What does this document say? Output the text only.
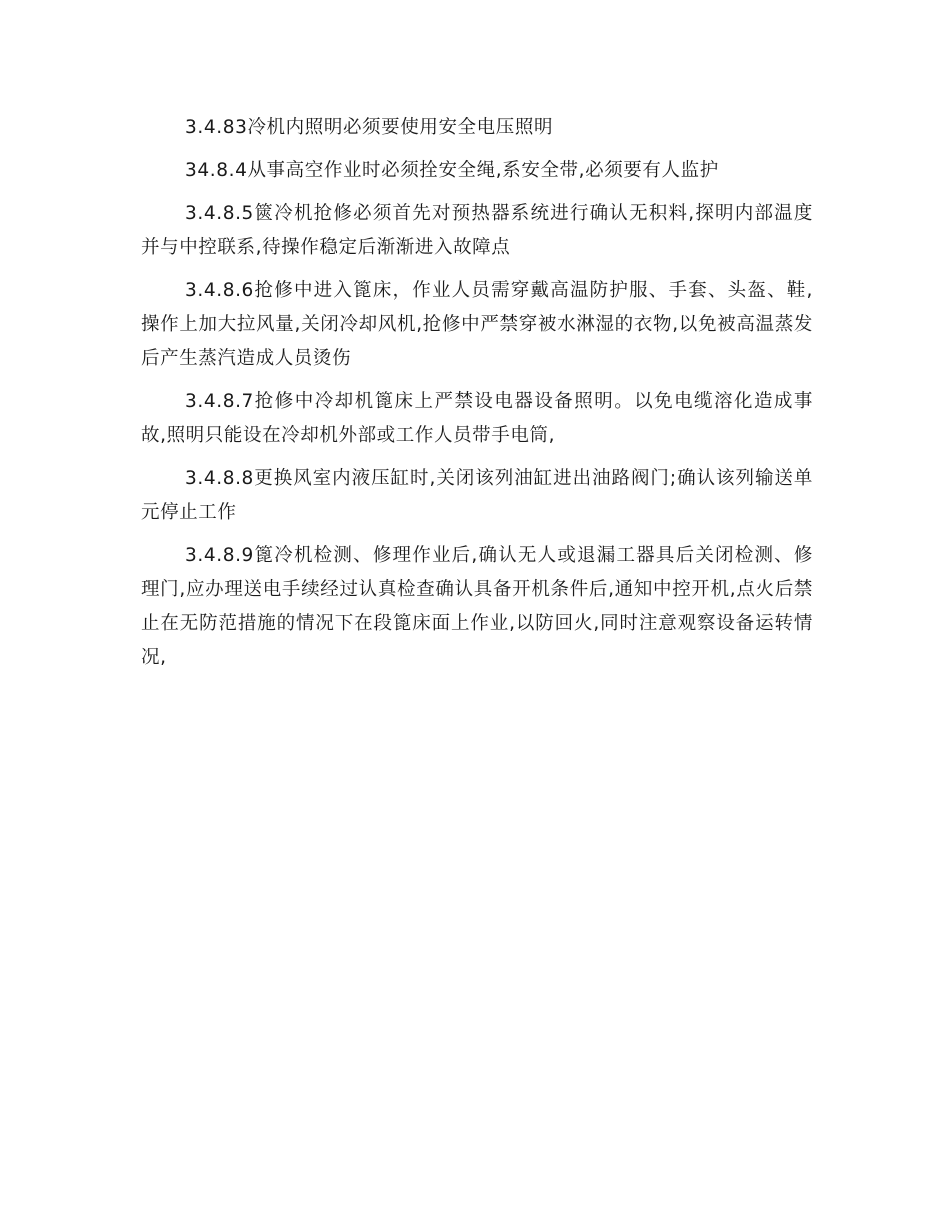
3.4.83冷机内照明必须要使用安全电压照明

34.8.4从事高空作业时必须拴安全绳,系安全带,必须要有人监护

3.4.8.5篋冷机抢修必须首先对预热器系统进行确认无积料,探明内部温度并与中控联系,待操作稳定后渐渐进入故障点

3.4.8.6抢修中进入篦床，作业人员需穿戴高温防护服、手套、头盔、鞋,操作上加大拉风量,关闭冷却风机,抢修中严禁穿被水淋湿的衣物,以免被高温蒸发后产生蒸汽造成人员烫伤

3.4.8.7抢修中冷却机篦床上严禁设电器设备照明。以免电缆溶化造成事故,照明只能设在冷却机外部或工作人员带手电筒,

3.4.8.8更换风室内液压缸时,关闭该列油缸进出油路阀门;确认该列输送单元停止工作

3.4.8.9篦冷机检测、修理作业后,确认无人或退漏工器具后关闭检测、修理门,应办理送电手续经过认真检查确认具备开机条件后,通知中控开机,点火后禁止在无防范措施的情况下在段篦床面上作业,以防回火,同时注意观察设备运转情况,
